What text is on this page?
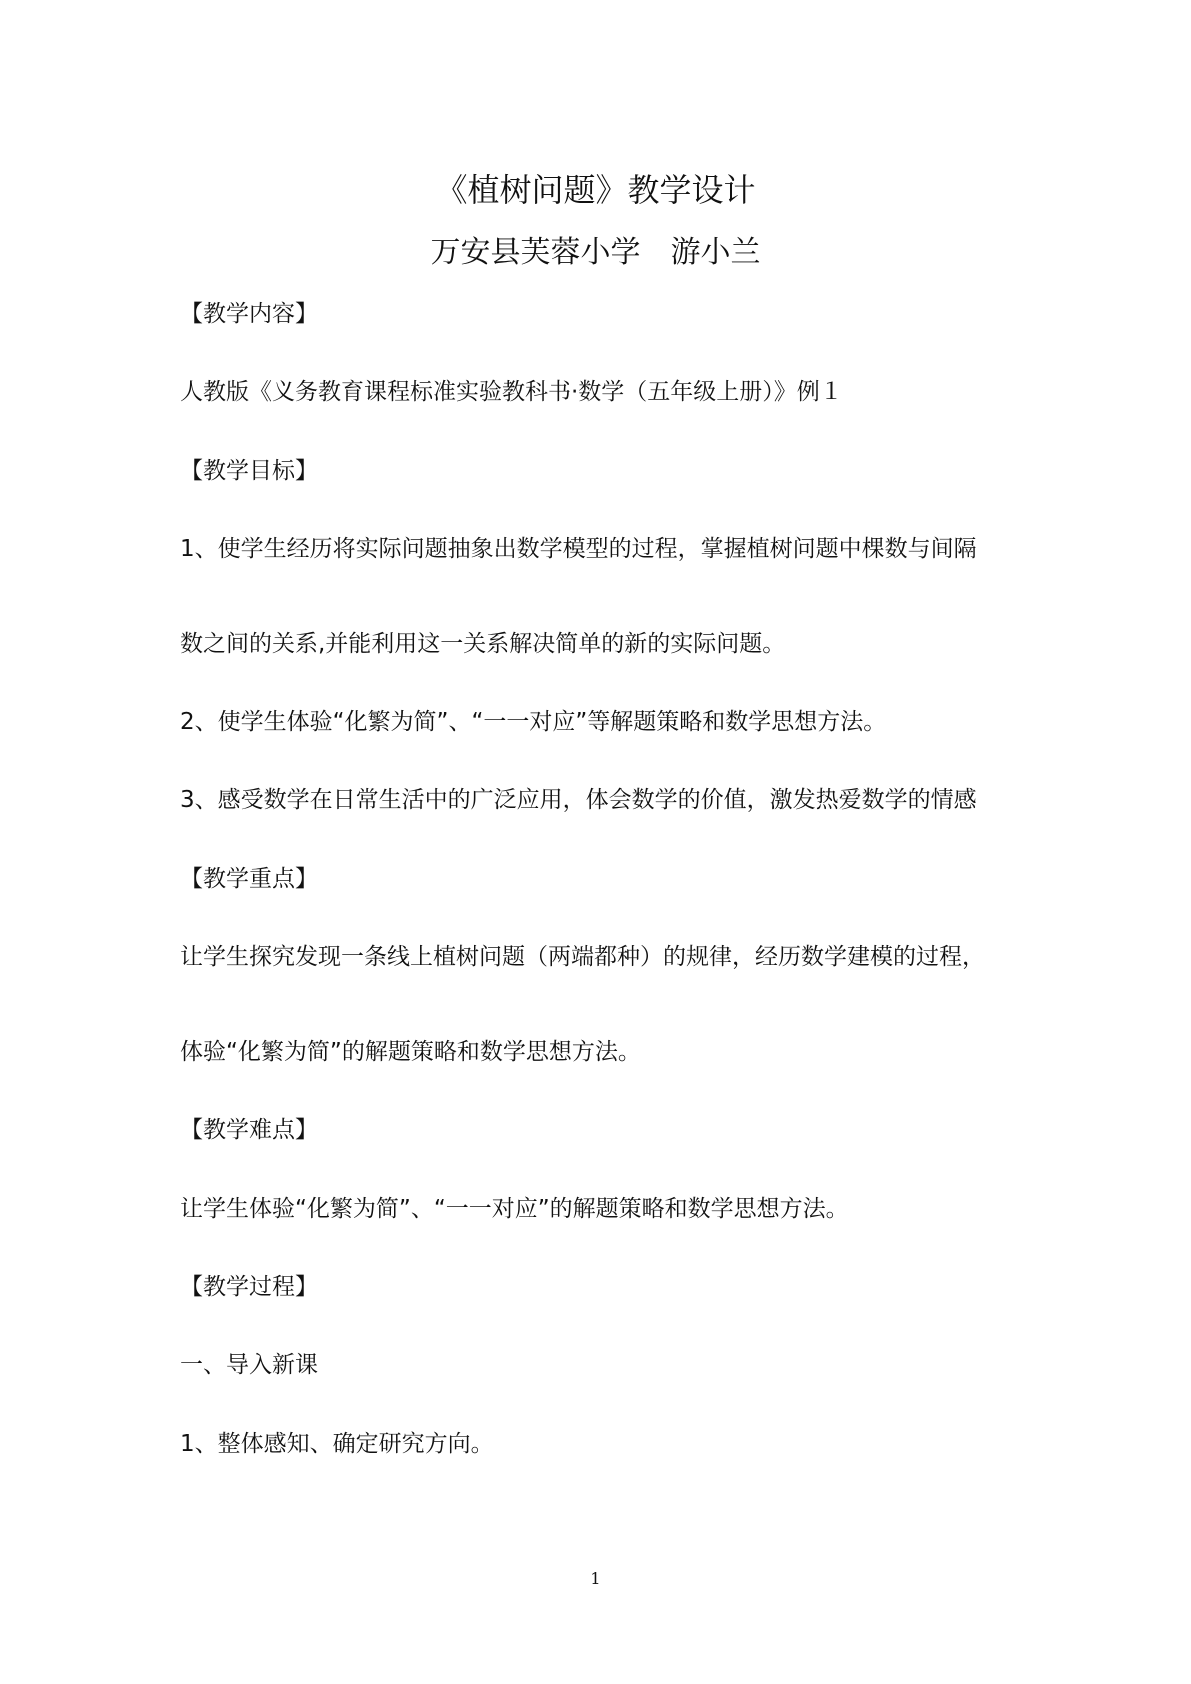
《植树问题》教学设计
万安县芙蓉小学　游小兰

【教学内容】

人教版《义务教育课程标准实验教科书·数学（五年级上册）》例１

【教学目标】

1、使学生经历将实际问题抽象出数学模型的过程，掌握植树问题中棵数与间隔

数之间的关系,并能利用这一关系解决简单的新的实际问题。

2、使学生体验“化繁为简”、“一一对应”等解题策略和数学思想方法。

3、感受数学在日常生活中的广泛应用，体会数学的价值，激发热爱数学的情感

【教学重点】

让学生探究发现一条线上植树问题（两端都种）的规律，经历数学建模的过程，

体验“化繁为简”的解题策略和数学思想方法。

【教学难点】

让学生体验“化繁为简”、“一一对应”的解题策略和数学思想方法。

【教学过程】

一、导入新课

1、整体感知、确定研究方向。

1
